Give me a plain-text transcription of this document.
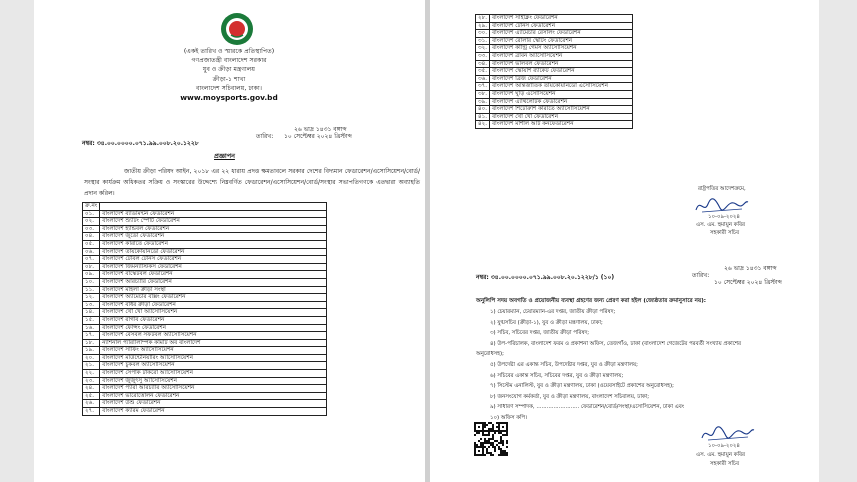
(একই তারিখ ও স্মারকে প্রতিস্থাপিত)
গণপ্রজাতন্ত্রী বাংলাদেশ সরকার
যুব ও ক্রীড়া মন্ত্রণালয়
ক্রীড়া-১ শাখা
বাংলাদেশ সচিবালয়, ঢাকা।
www.moysports.gov.bd
২৬ ভাদ্র ১৪৩১ বঙ্গাব্দ
তারিখ: ১০ সেপ্টেম্বর ২০২৪ খ্রিস্টাব্দ
নম্বর: ৩৪.০০.০০০০.০৭১.৯৯.০০৮.২০.১২২৮
প্রজ্ঞাপন
জাতীয় ক্রীড়া পরিষদ আইন, ২০১৮ এর ২২ ধারায় প্রদত্ত ক্ষমতাবলে সরকার দেশের বিদ্যমান ফেডারেশন/এসোসিয়েশন/বোর্ড/সংস্থার কার্যক্রম অধিকতর সক্রিয় ও সংস্কারের উদ্দেশ্যে নিম্নবর্ণিত ফেডারেশন/এসোসিয়েশন/বোর্ড/সংস্থার সভাপতিগণকে এতদ্বারা অব্যাহতি প্রদান করিল।
ক্র.নং	
০১.	বাংলাদেশ ব্যাডমিন্টন ফেডারেশন
০২.	বাংলাদেশ শ্যুটিং স্পোর্ট ফেডারেশন
০৩.	বাংলাদেশ হ্যান্ডবল ফেডারেশন
০৪.	বাংলাদেশ জুডো ফেডারেশন
০৫.	বাংলাদেশ কারাতে ফেডারেশন
০৬.	বাংলাদেশ তায়কোয়ানডো ফেডারেশন
০৭.	বাংলাদেশ টেবিল টেনিস ফেডারেশন
০৮.	বাংলাদেশ জিমন্যাস্টিকস ফেডারেশন
০৯.	বাংলাদেশ বাস্কেটবল ফেডারেশন
১০.	বাংলাদেশ আরচ্যারি ফেডারেশন
১১.	বাংলাদেশ মহিলা ক্রীড়া সংস্থা
১২.	বাংলাদেশ অ্যামেচার বক্সিং ফেডারেশন
১৩.	বাংলাদেশ বধির ক্রীড়া ফেডারেশন
১৪.	বাংলাদেশ খো খো অ্যাসোসিয়েশন
১৫.	বাংলাদেশ রাগবি ফেডারেশন
১৬.	বাংলাদেশ ফেন্সিং ফেডারেশন
১৭.	বাংলাদেশ বেসবল সফটবল অ্যাসোসিয়েশন
১৮.	ন্যাশনাল প্যারালিম্পিক কমিটি অব বাংলাদেশ
১৯.	বাংলাদেশ সার্ফিং অ্যাসোসিয়েশন
২০.	বাংলাদেশ মাউন্টেনিয়ারিং অ্যাসোসিয়েশন
২১.	বাংলাদেশ চুকবল অ্যাসোসিয়েশন
২২.	বাংলাদেশ সেপাক টাকরো অ্যাসোসিয়েশন
২৩.	বাংলাদেশ জুজুৎসু অ্যাসোসিয়েশন
২৪.	বাংলাদেশ প্যারা আরচ্যারি অ্যাসোসিয়েশন
২৫.	বাংলাদেশ ভারোত্তোলন ফেডারেশন
২৬.	বাংলাদেশ উশু ফেডারেশন
২৭.	বাংলাদেশ ক্যারম ফেডারেশন
২৮.	বাংলাদেশ সাইক্লিং ফেডারেশন
২৯.	বাংলাদেশ টেনিস ফেডারেশন
৩০.	বাংলাদেশ এ্যামেচার রেসলিং ফেডারেশন
৩১.	বাংলাদেশ রোলার স্কেটিং ফেডারেশন
৩২.	বাংলাদেশ কান্ট্রি গেমস অ্যাসোসিয়েশন
৩৩.	বাংলাদেশ ব্রাবন অ্যাসোসিয়েশন
৩৪.	বাংলাদেশ ভলিবল ফেডারেশন
৩৫.	বাংলাদেশ স্কোয়াশ র‍্যাকেট ফেডারেশন
৩৬.	বাংলাদেশ ব্রিজ ফেডারেশন
৩৭.	বাংলাদেশ আন্তর্জাতিক তায়কোয়ানডো এসোসিয়েশন
৩৮.	বাংলাদেশ ঘুড়ি এসোসিয়েশন
৩৯.	বাংলাদেশ এ্যাথলেটিক ফেডারেশন
৪০.	বাংলাদেশ শিটোরুশি কারাতে অ্যাসোসিয়েশন
৪১.	বাংলাদেশ খো খো ফেডারেশন
৪২.	বাংলাদেশ মার্শাল আর্ট কনফেডারেশন
রাষ্ট্রপতির আদেশক্রমে,
১০-০৯-২০২৪
এস. এম. হুমায়ুন কবির
সহকারী সচিব
২৬ ভাদ্র ১৪৩১ বঙ্গাব্দ
তারিখ:
১০ সেপ্টেম্বর ২০২৪ খ্রিস্টাব্দ
নম্বর: ৩৪.০০.০০০০.০৭১.৯৯.০০৮.২০.১২২৮/১ (১০)
অনুলিপি সদয় অবগতি ও প্রয়োজনীয় ব্যবস্থা গ্রহণের জন্য প্রেরণ করা হইল (জ্যেষ্ঠতার ক্রমানুসারে নয়):
১) চেয়ারম্যান, চেয়ারম্যান-এর দপ্তর, জাতীয় ক্রীড়া পরিষদ;
২) যুগ্মসচিব (ক্রীড়া-১), যুব ও ক্রীড়া মন্ত্রণালয়, ঢাকা;
৩) সচিব, সচিবের দপ্তর, জাতীয় ক্রীড়া পরিষদ;
৪) উপ-পরিচালক, বাংলাদেশ ফরম ও প্রকাশনা অফিস, তেজগাঁও, ঢাকা (বাংলাদেশ গেজেটের পরবর্তী সংখ্যায় প্রকাশের
অনুরোধসহ);
৫) উপদেষ্টা এর একান্ত সচিব, উপদেষ্টার দপ্তর, যুব ও ক্রীড়া মন্ত্রণালয়;
৬) সচিবের একান্ত সচিব, সচিবের দপ্তর, যুব ও ক্রীড়া মন্ত্রণালয়;
৭) সিস্টেম এনালিস্ট, যুব ও ক্রীড়া মন্ত্রণালয়, ঢাকা (ওয়েবসাইটে প্রকাশের অনুরোধসহ);
৮) জনসংযোগ কর্মকর্তা, যুব ও ক্রীড়া মন্ত্রণালয়, বাংলাদেশ সচিবালয়, ঢাকা;
৯) সাধারণ সম্পাদক, ......................... ফেডারেশন/বোর্ড/সংস্থা/এসোসিয়েশন, ঢাকা এবং
১০) অফিস কপি।
১০-০৯-২০২৪
এস. এম. হুমায়ুন কবির
সহকারী সচিব
